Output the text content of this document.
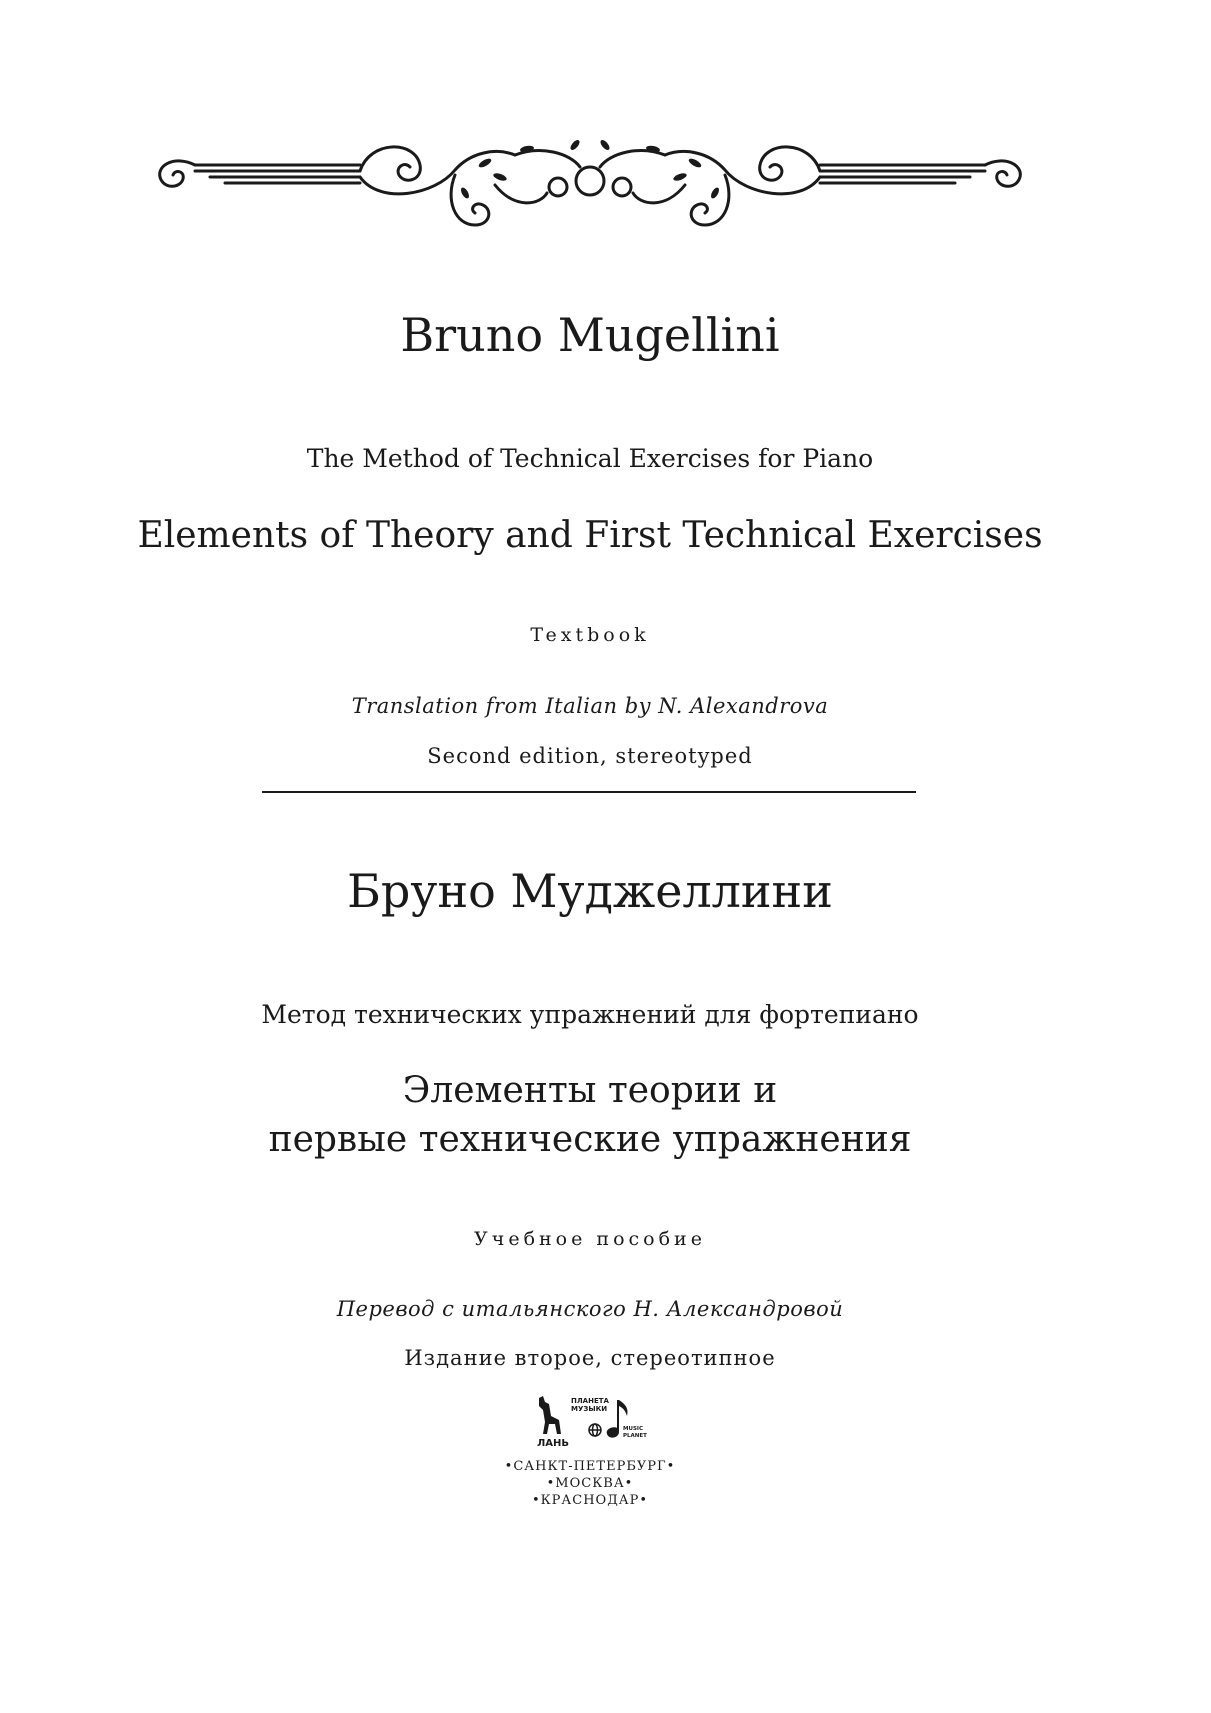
Bruno Mugellini
The Method of Technical Exercises for Piano
Elements of Theory and First Technical Exercises
Textbook
Translation from Italian by N. Alexandrova
Second edition, stereotyped
Бруно Муджеллини
Метод технических упражнений для фортепиано
Элементы теории и
первые технические упражнения
Учебное пособие
Перевод с итальянского Н. Александровой
Издание второе, стереотипное
ПЛАНЕТА
МУЗЫКИ
MUSIC
PLANET
ЛАНЬ
•САНКТ-ПЕТЕРБУРГ•
•МОСКВА•
•КРАСНОДАР•
